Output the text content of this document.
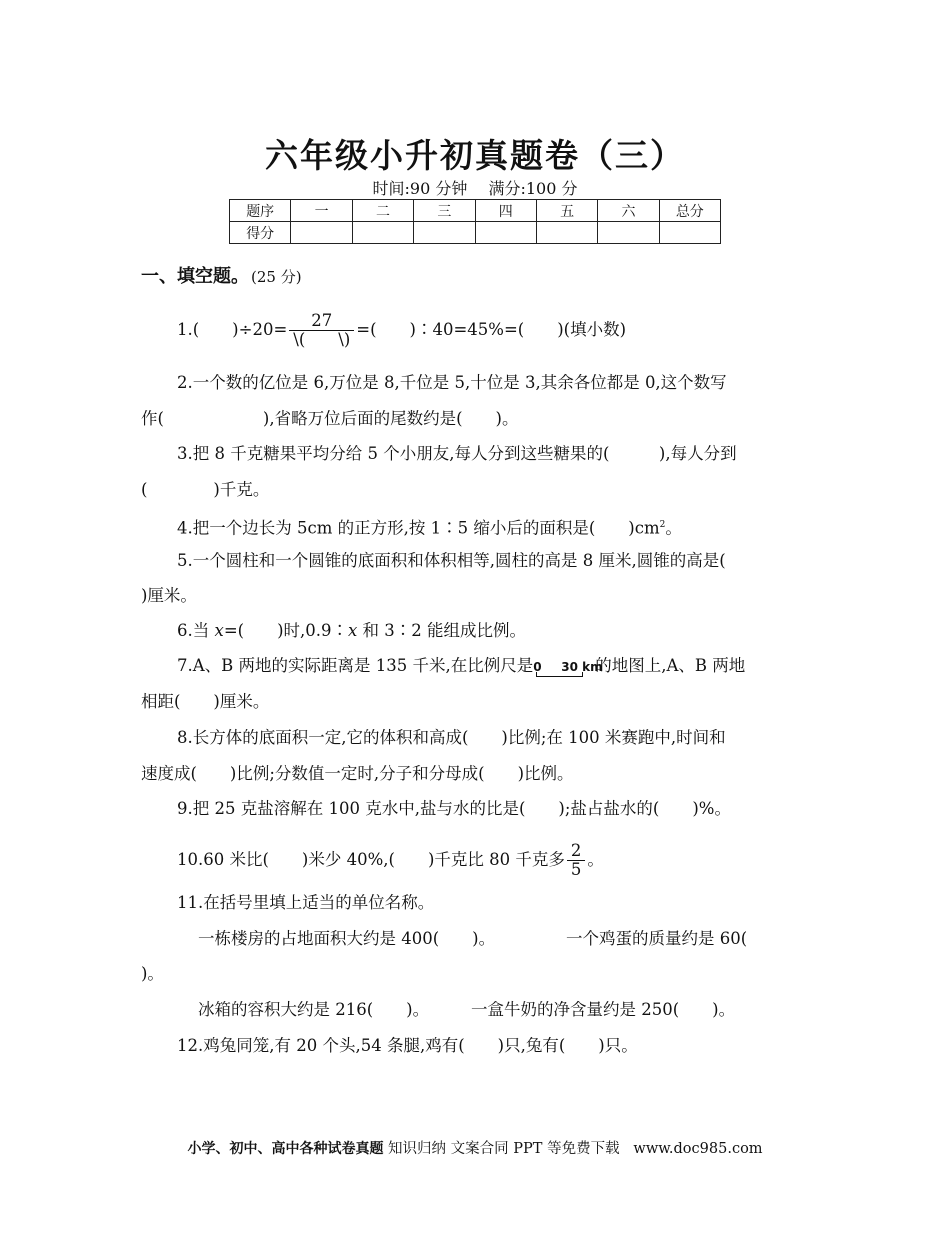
六年级小升初真题卷（三）
时间:90 分钟 满分:100 分
题序	一	二	三	四	五	六	总分
得分							
一、填空题。 (25 分)
1.(　　)$\div 20= \frac{27}{\backslash( \backslash)}$ =(　　)∶40=45%=(　　)(填小数)
2.一个数的亿位是 6,万位是 8,千位是 5,十位是 3,其余各位都是 0,这个数写
作(　　　　　　),省略万位后面的尾数约是(　　)。
3.把 8 千克糖果平均分给 5 个小朋友,每人分到这些糖果的(　　　),每人分到
(　　　　)千克。
4.把一个边长为 5cm 的正方形,按 1∶5 缩小后的面积是(　　)$cm^2$。
5.一个圆柱和一个圆锥的底面积和体积相等,圆柱的高是 8 厘米,圆锥的高是(
)厘米。
6.当 x=(　　)时,0.9∶x 和 3∶2 能组成比例。
7.A、B 两地的实际距离是 135 千米,在比例尺是 0 30 km
的地图上,A、B 两地
相距(　　)厘米。
8.长方体的底面积一定,它的体积和高成(　　)比例;在 100 米赛跑中,时间和
速度成(　　)比例;分数值一定时,分子和分母成(　　)比例。
9.把 25 克盐溶解在 100 克水中,盐与水的比是(　　);盐占盐水的(　　)%。
10.60 米比(　　)米少 40%,(　　)千克比 80 千克多 $\frac{2}{5}$ 。
11.在括号里填上适当的单位名称。
一栋楼房的占地面积大约是 400(　　)。	一个鸡蛋的质量约是 60(
)。
冰箱的容积大约是 216(　　)。	一盒牛奶的净含量约是 250(　　)。
12.鸡兔同笼,有 20 个头,54 条腿,鸡有(　　)只,兔有(　　)只。
小学、初中、高中各种试卷真题 知识归纳 文案合同 PPT 等免费下载 www.doc985.com
